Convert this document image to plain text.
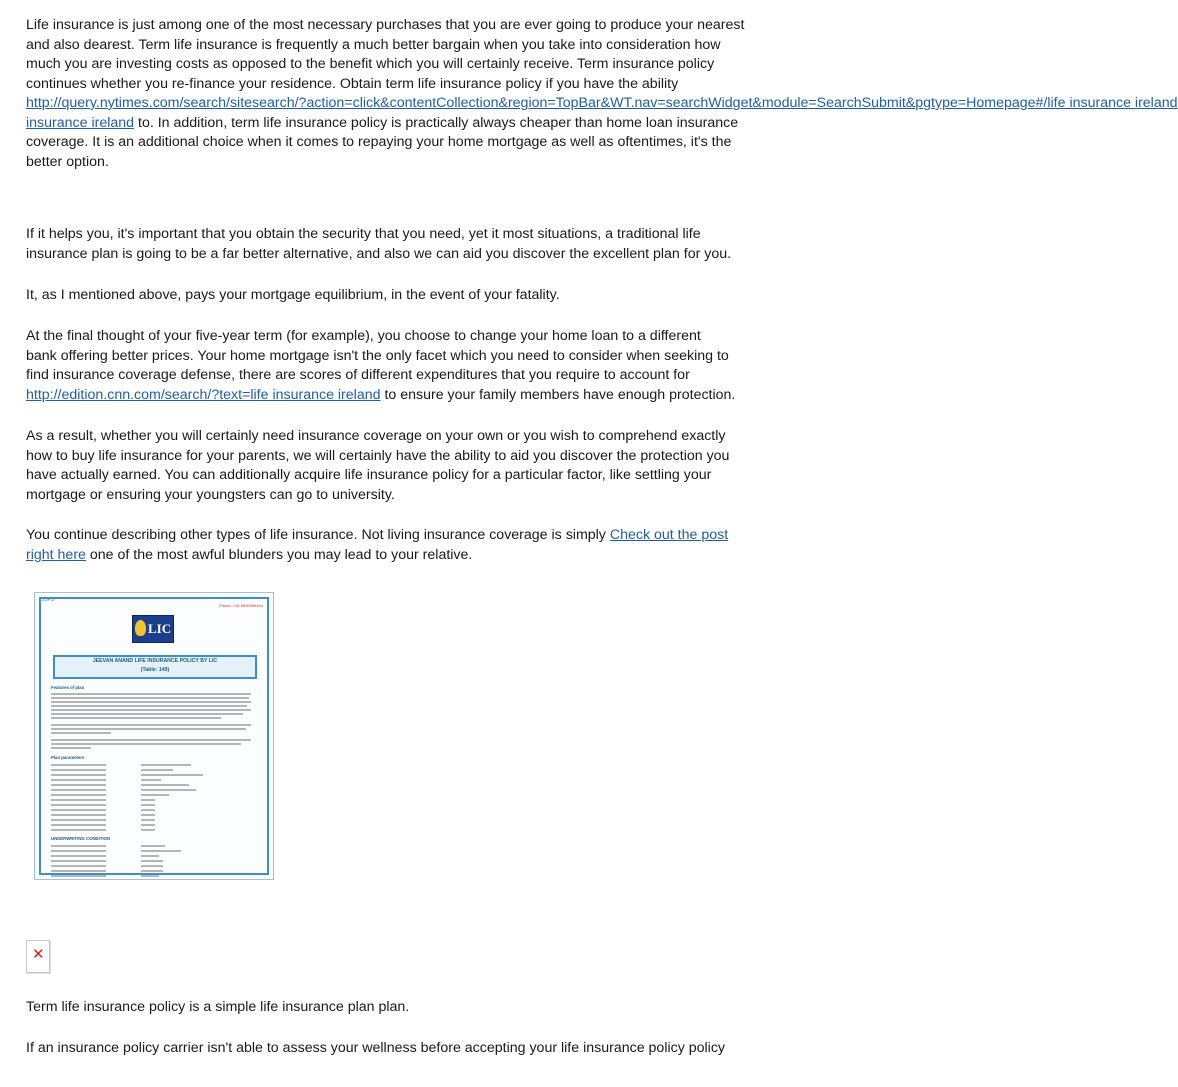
Life insurance is just among one of the most necessary purchases that you are ever going to produce your nearest
and also dearest. Term life insurance is frequently a much better bargain when you take into consideration how
much you are investing costs as opposed to the benefit which you will certainly receive. Term insurance policy
continues whether you re-finance your residence. Obtain term life insurance policy if you have the ability
http://query.nytimes.com/search/sitesearch/?action=click&contentCollection&region=TopBar&WT.nav=searchWidget&module=SearchSubmit&pgtype=Homepage#/life insurance ireland
insurance ireland to. In addition, term life insurance policy is practically always cheaper than home loan insurance
coverage. It is an additional choice when it comes to repaying your home mortgage as well as oftentimes, it's the
better option.

If it helps you, it's important that you obtain the security that you need, yet it most situations, a traditional life
insurance plan is going to be a far better alternative, and also we can aid you discover the excellent plan for you.

It, as I mentioned above, pays your mortgage equilibrium, in the event of your fatality.

At the final thought of your five-year term (for example), you choose to change your home loan to a different
bank offering better prices. Your home mortgage isn't the only facet which you need to consider when seeking to
find insurance coverage defense, there are scores of different expenditures that you require to account for
http://edition.cnn.com/search/?text=life insurance ireland to ensure your family members have enough protection.

As a result, whether you will certainly need insurance coverage on your own or you wish to comprehend exactly
how to buy life insurance for your parents, we will certainly have the ability to aid you discover the protection you
have actually earned. You can additionally acquire life insurance policy for a particular factor, like settling your
mortgage or ensuring your youngsters can go to university.

You continue describing other types of life insurance. Not living insurance coverage is simply Check out the post
right here one of the most awful blunders you may lead to your relative.

SSFS
Phone: +91 9595966444
LIC
JEEVAN ANAND LIFE INSURANCE POLICY BY LIC
(Table: 149)
Features of plan
Plan parameters
UNDERWRITING CONDITION
✕

Term life insurance policy is a simple life insurance plan plan.

If an insurance policy carrier isn't able to assess your wellness before accepting your life insurance policy policy
